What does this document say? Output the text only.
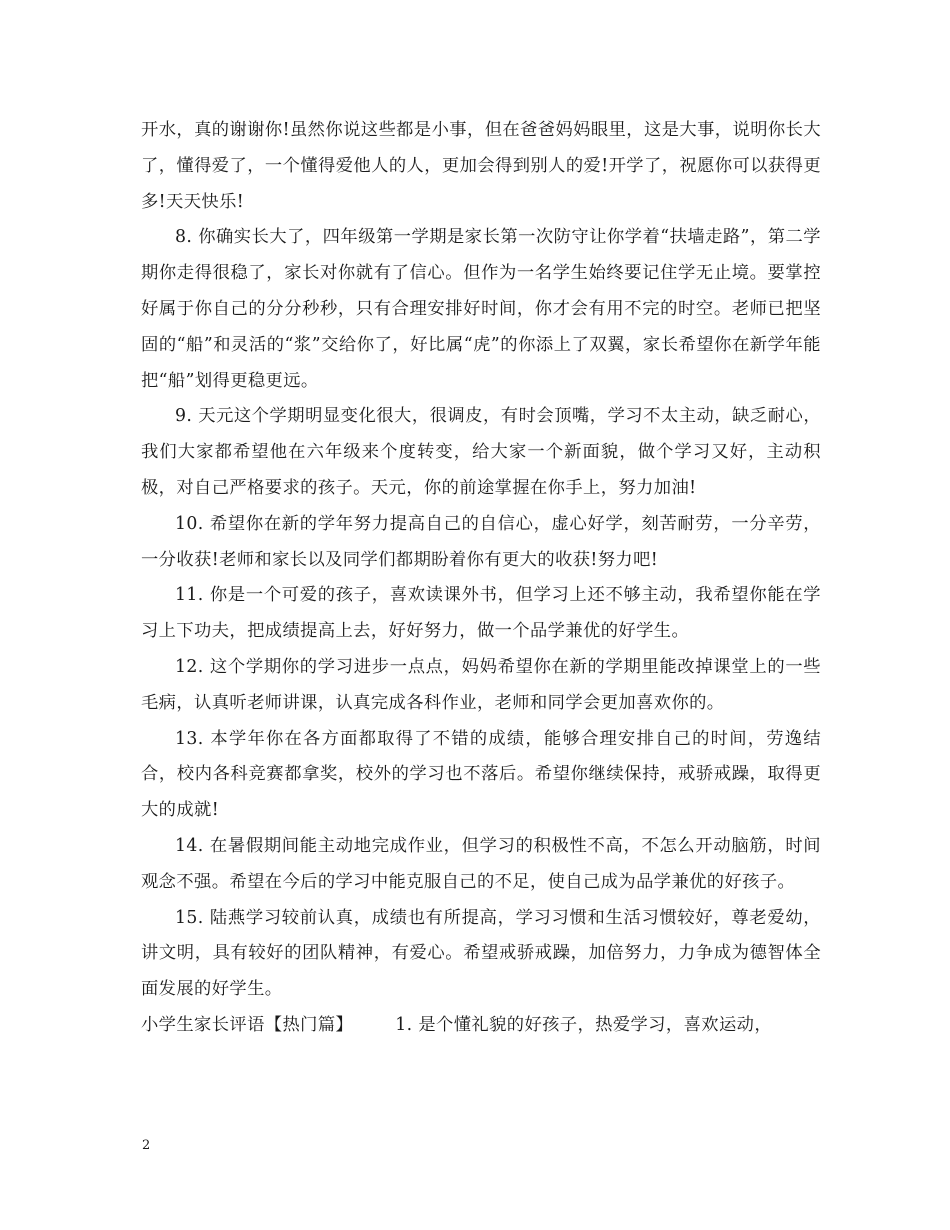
开水，真的谢谢你!虽然你说这些都是小事，但在爸爸妈妈眼里，这是大事，说明你长大了，懂得爱了，一个懂得爱他人的人，更加会得到别人的爱!开学了，祝愿你可以获得更多!天天快乐!

8. 你确实长大了，四年级第一学期是家长第一次防守让你学着“扶墙走路”，第二学期你走得很稳了，家长对你就有了信心。但作为一名学生始终要记住学无止境。要掌控好属于你自己的分分秒秒，只有合理安排好时间，你才会有用不完的时空。老师已把坚固的“船”和灵活的“浆”交给你了，好比属“虎”的你添上了双翼，家长希望你在新学年能把“船”划得更稳更远。

9. 天元这个学期明显变化很大，很调皮，有时会顶嘴，学习不太主动，缺乏耐心，我们大家都希望他在六年级来个度转变，给大家一个新面貌，做个学习又好，主动积极，对自己严格要求的孩子。天元，你的前途掌握在你手上，努力加油!

10. 希望你在新的学年努力提高自己的自信心，虚心好学，刻苦耐劳，一分辛劳，一分收获!老师和家长以及同学们都期盼着你有更大的收获!努力吧!

11. 你是一个可爱的孩子，喜欢读课外书，但学习上还不够主动，我希望你能在学习上下功夫，把成绩提高上去，好好努力，做一个品学兼优的好学生。

12. 这个学期你的学习进步一点点，妈妈希望你在新的学期里能改掉课堂上的一些毛病，认真听老师讲课，认真完成各科作业，老师和同学会更加喜欢你的。

13. 本学年你在各方面都取得了不错的成绩，能够合理安排自己的时间，劳逸结合，校内各科竞赛都拿奖，校外的学习也不落后。希望你继续保持，戒骄戒躁，取得更大的成就!

14. 在暑假期间能主动地完成作业，但学习的积极性不高，不怎么开动脑筋，时间观念不强。希望在今后的学习中能克服自己的不足，使自己成为品学兼优的好孩子。

15. 陆燕学习较前认真，成绩也有所提高，学习习惯和生活习惯较好，尊老爱幼，讲文明，具有较好的团队精神，有爱心。希望戒骄戒躁，加倍努力，力争成为德智体全面发展的好学生。

小学生家长评语【热门篇】 1. 是个懂礼貌的好孩子，热爱学习，喜欢运动，

2
